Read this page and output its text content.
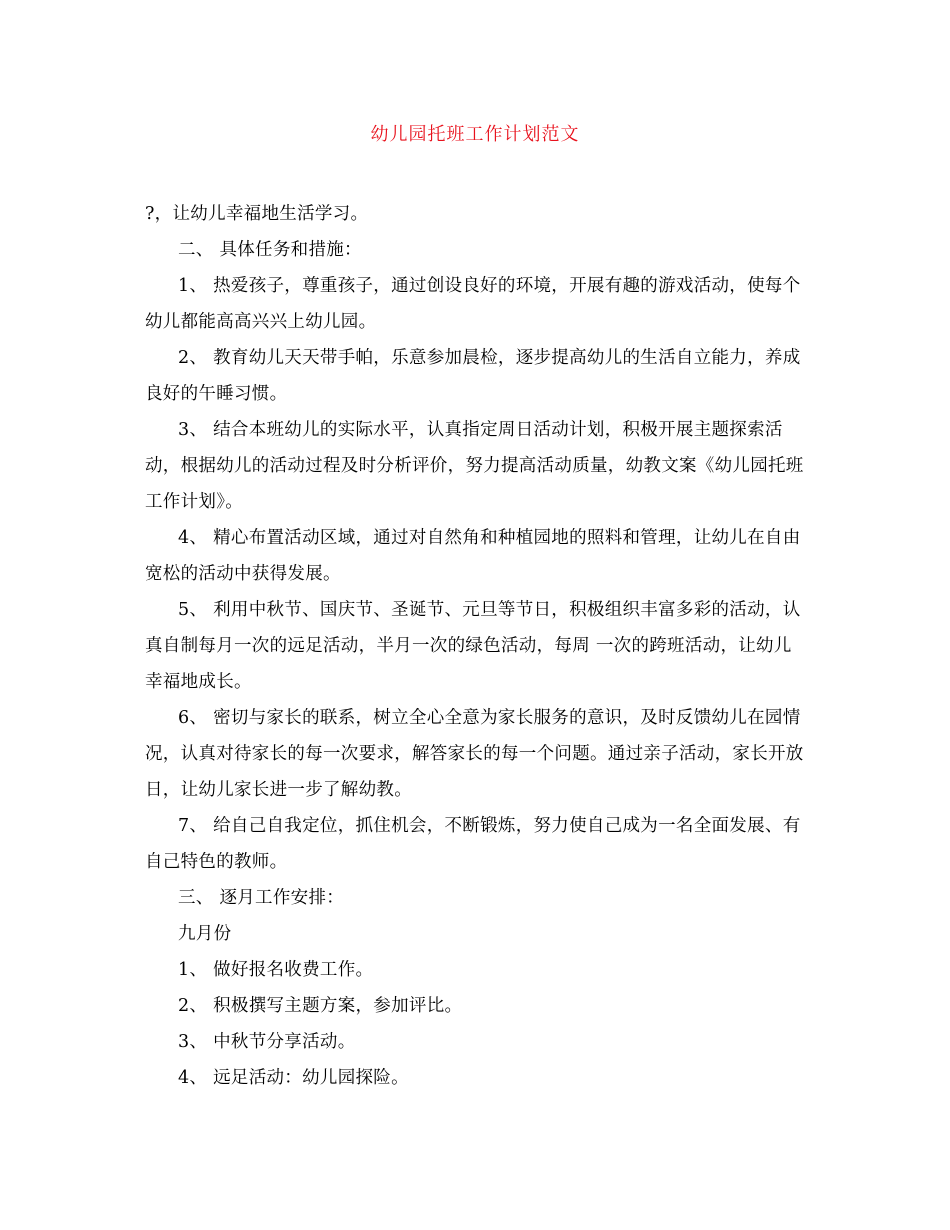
幼儿园托班工作计划范文

?，让幼儿幸福地生活学习。

二、 具体任务和措施：

1、 热爱孩子，尊重孩子，通过创设良好的环境，开展有趣的游戏活动，使每个幼儿都能高高兴兴上幼儿园。

2、 教育幼儿天天带手帕，乐意参加晨检，逐步提高幼儿的生活自立能力，养成良好的午睡习惯。

3、 结合本班幼儿的实际水平，认真指定周日活动计划，积极开展主题探索活动，根据幼儿的活动过程及时分析评价，努力提高活动质量，幼教文案《幼儿园托班工作计划》。

4、 精心布置活动区域，通过对自然角和种植园地的照料和管理，让幼儿在自由宽松的活动中获得发展。

5、 利用中秋节、国庆节、圣诞节、元旦等节日，积极组织丰富多彩的活动，认真自制每月一次的远足活动，半月一次的绿色活动，每周 一次的跨班活动，让幼儿幸福地成长。

6、 密切与家长的联系，树立全心全意为家长服务的意识，及时反馈幼儿在园情况，认真对待家长的每一次要求，解答家长的每一个问题。通过亲子活动，家长开放日，让幼儿家长进一步了解幼教。

7、 给自己自我定位，抓住机会，不断锻炼，努力使自己成为一名全面发展、有自己特色的教师。

三、 逐月工作安排：

九月份

1、 做好报名收费工作。

2、 积极撰写主题方案，参加评比。

3、 中秋节分享活动。

4、 远足活动：幼儿园探险。
